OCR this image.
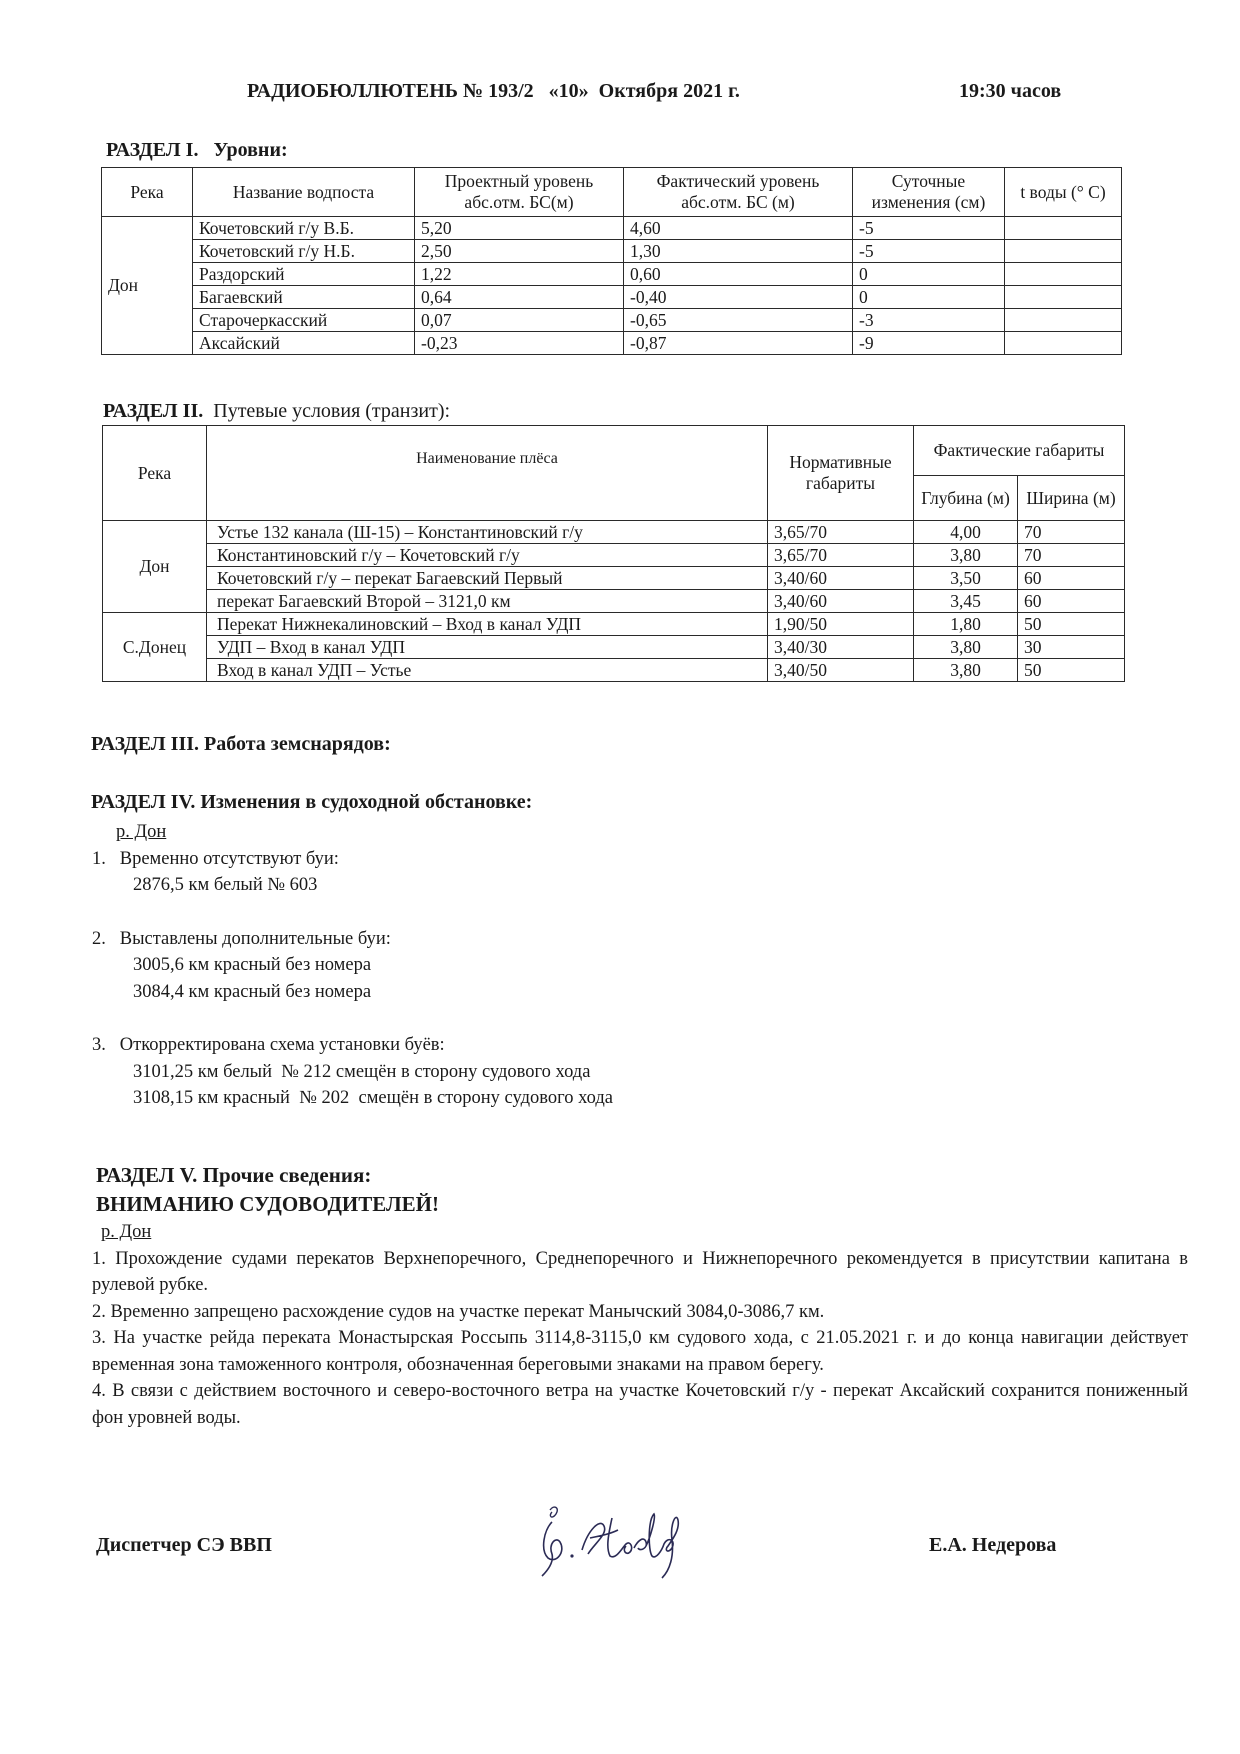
РАДИОБЮЛЛЮТЕНЬ № 193/2   «10»  Октября 2021 г.	19:30 часов
РАЗДЕЛ I. Уровни:
Река	Название водпоста	Проектный уровень абс.отм. БС(м)	Фактический уровень абс.отм. БС (м)	Суточные изменения (см)	t воды (° С)
Дон	Кочетовский г/у В.Б.	5,20	4,60	-5	
	Кочетовский г/у Н.Б.	2,50	1,30	-5	
	Раздорский	1,22	0,60	0	
	Багаевский	0,64	-0,40	0	
	Старочеркасский	0,07	-0,65	-3	
	Аксайский	-0,23	-0,87	-9	
РАЗДЕЛ II. Путевые условия (транзит):
Река	Наименование плёса	Нормативные габариты	Фактические габариты	
			Глубина (м)	Ширина (м)
Дон	Устье 132 канала (Ш-15) – Константиновский г/у	3,65/70	4,00	70
	Константиновский г/у – Кочетовский г/у	3,65/70	3,80	70
	Кочетовский г/у – перекат Багаевский Первый	3,40/60	3,50	60
	перекат Багаевский Второй – 3121,0 км	3,40/60	3,45	60
С.Донец	Перекат Нижнекалиновский – Вход в канал УДП	1,90/50	1,80	50
	УДП – Вход в канал УДП	3,40/30	3,80	30
	Вход в канал УДП – Устье	3,40/50	3,80	50
РАЗДЕЛ III. Работа земснарядов:
РАЗДЕЛ IV. Изменения в судоходной обстановке:
р. Дон
1.   Временно отсутствуют буи:
2876,5 км белый № 603
2.   Выставлены дополнительные буи:
3005,6 км красный без номера
3084,4 км красный без номера
3.   Откорректирована схема установки буёв:
3101,25 км белый  № 212 смещён в сторону судового хода
3108,15 км красный  № 202  смещён в сторону судового хода
РАЗДЕЛ V. Прочие сведения:
ВНИМАНИЮ СУДОВОДИТЕЛЕЙ!
р. Дон
1. Прохождение судами перекатов Верхнепоречного, Среднепоречного и Нижнепоречного рекомендуется в присутствии капитана в рулевой рубке.
2. Временно запрещено расхождение судов на участке перекат Манычский 3084,0-3086,7 км.
3. На участке рейда переката Монастырская Россыпь 3114,8-3115,0 км судового хода, с 21.05.2021 г. и до конца навигации действует временная зона таможенного контроля, обозначенная береговыми знаками на правом берегу.
4. В связи с действием восточного и северо-восточного ветра на участке Кочетовский г/у - перекат Аксайский сохранится пониженный фон уровней воды.
Диспетчер СЭ ВВП	Е.А. Недерова
